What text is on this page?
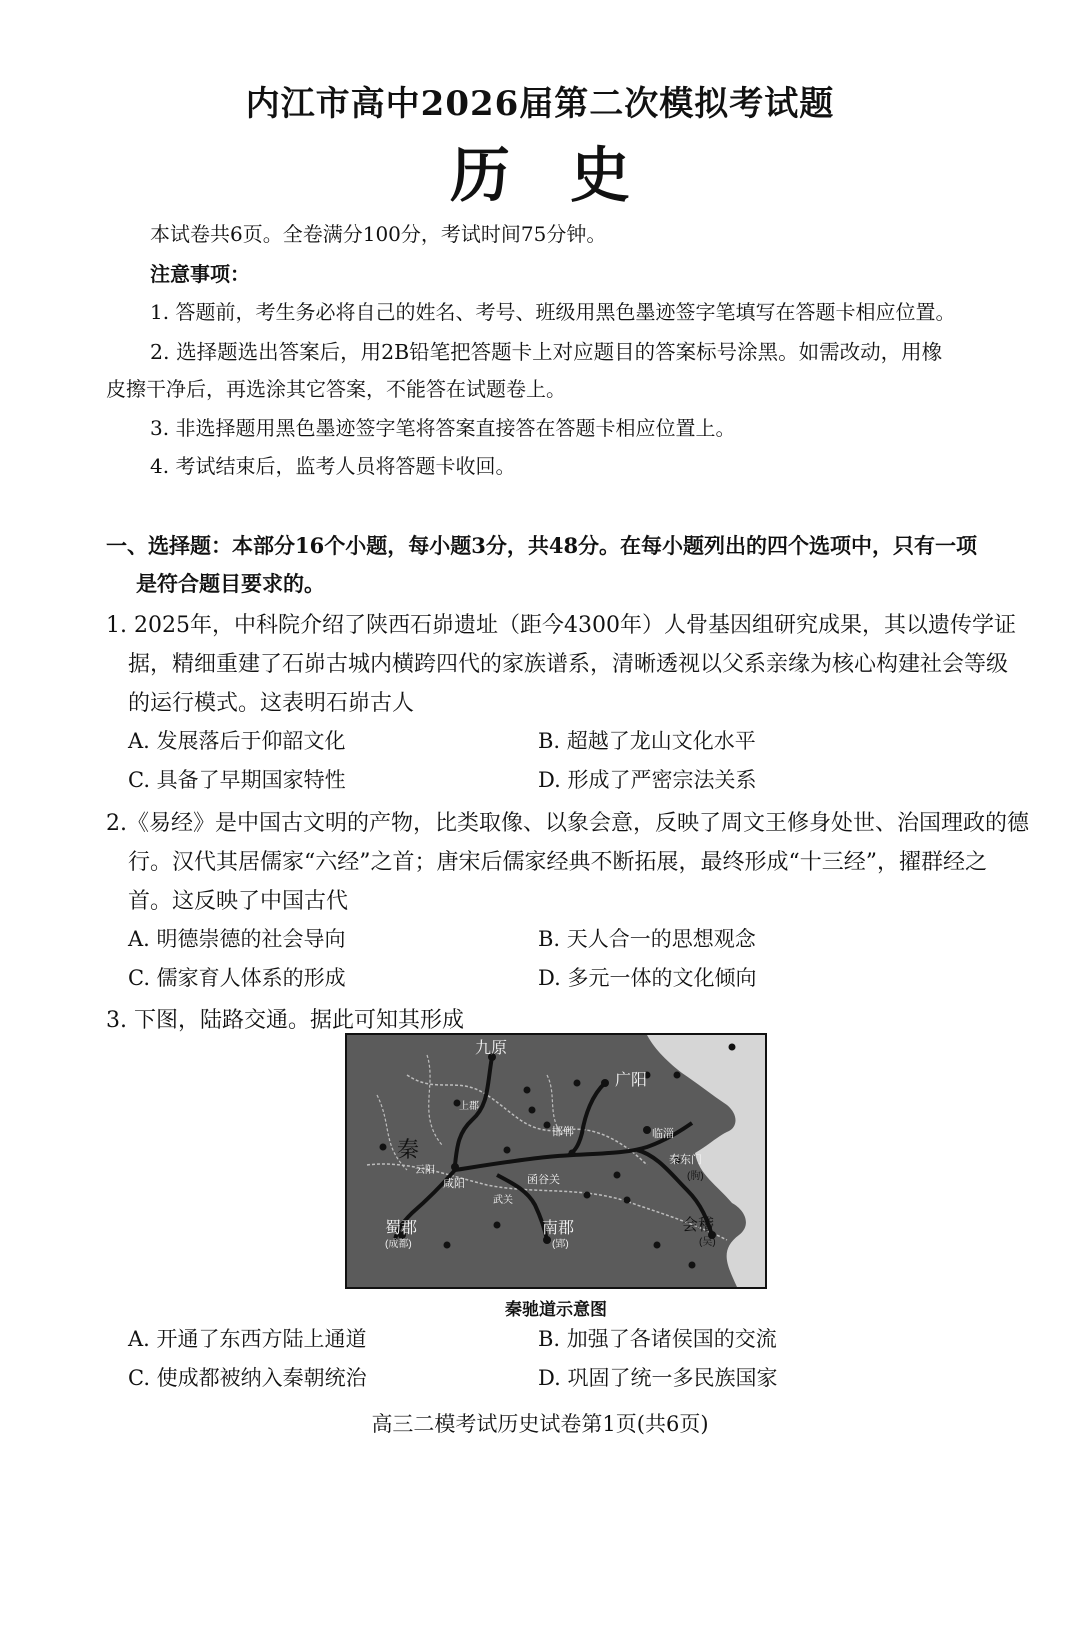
内江市高中2026届第二次模拟考试题
历史
本试卷共6页。全卷满分100分，考试时间75分钟。
注意事项：
1. 答题前，考生务必将自己的姓名、考号、班级用黑色墨迹签字笔填写在答题卡相应位置。
2. 选择题选出答案后，用2B铅笔把答题卡上对应题目的答案标号涂黑。如需改动，用橡
皮擦干净后，再选涂其它答案，不能答在试题卷上。
3. 非选择题用黑色墨迹签字笔将答案直接答在答题卡相应位置上。
4. 考试结束后，监考人员将答题卡收回。
一、选择题：本部分16个小题，每小题3分，共48分。在每小题列出的四个选项中，只有一项
是符合题目要求的。
1. 2025年，中科院介绍了陕西石峁遗址（距今4300年）人骨基因组研究成果，其以遗传学证
据，精细重建了石峁古城内横跨四代的家族谱系，清晰透视以父系亲缘为核心构建社会等级
的运行模式。这表明石峁古人
A. 发展落后于仰韶文化	B. 超越了龙山文化水平
C. 具备了早期国家特性	D. 形成了严密宗法关系
2.《易经》是中国古文明的产物，比类取像、以象会意，反映了周文王修身处世、治国理政的德
行。汉代其居儒家“六经”之首；唐宋后儒家经典不断拓展，最终形成“十三经”，擢群经之
首。这反映了中国古代
A. 明德崇德的社会导向	B. 天人合一的思想观念
C. 儒家育人体系的形成	D. 多元一体的文化倾向
3. 下图，陆路交通。据此可知其形成
九原
广阳
上郡
邯郸	临淄
秦
云阳
咸阳	函谷关
武关
秦东门
(朐)
蜀郡
(成都)
南郡
(郢)
会稽
(吴)
秦驰道示意图
A. 开通了东西方陆上通道	B. 加强了各诸侯国的交流
C. 使成都被纳入秦朝统治	D. 巩固了统一多民族国家
高三二模考试历史试卷第1页(共6页)
